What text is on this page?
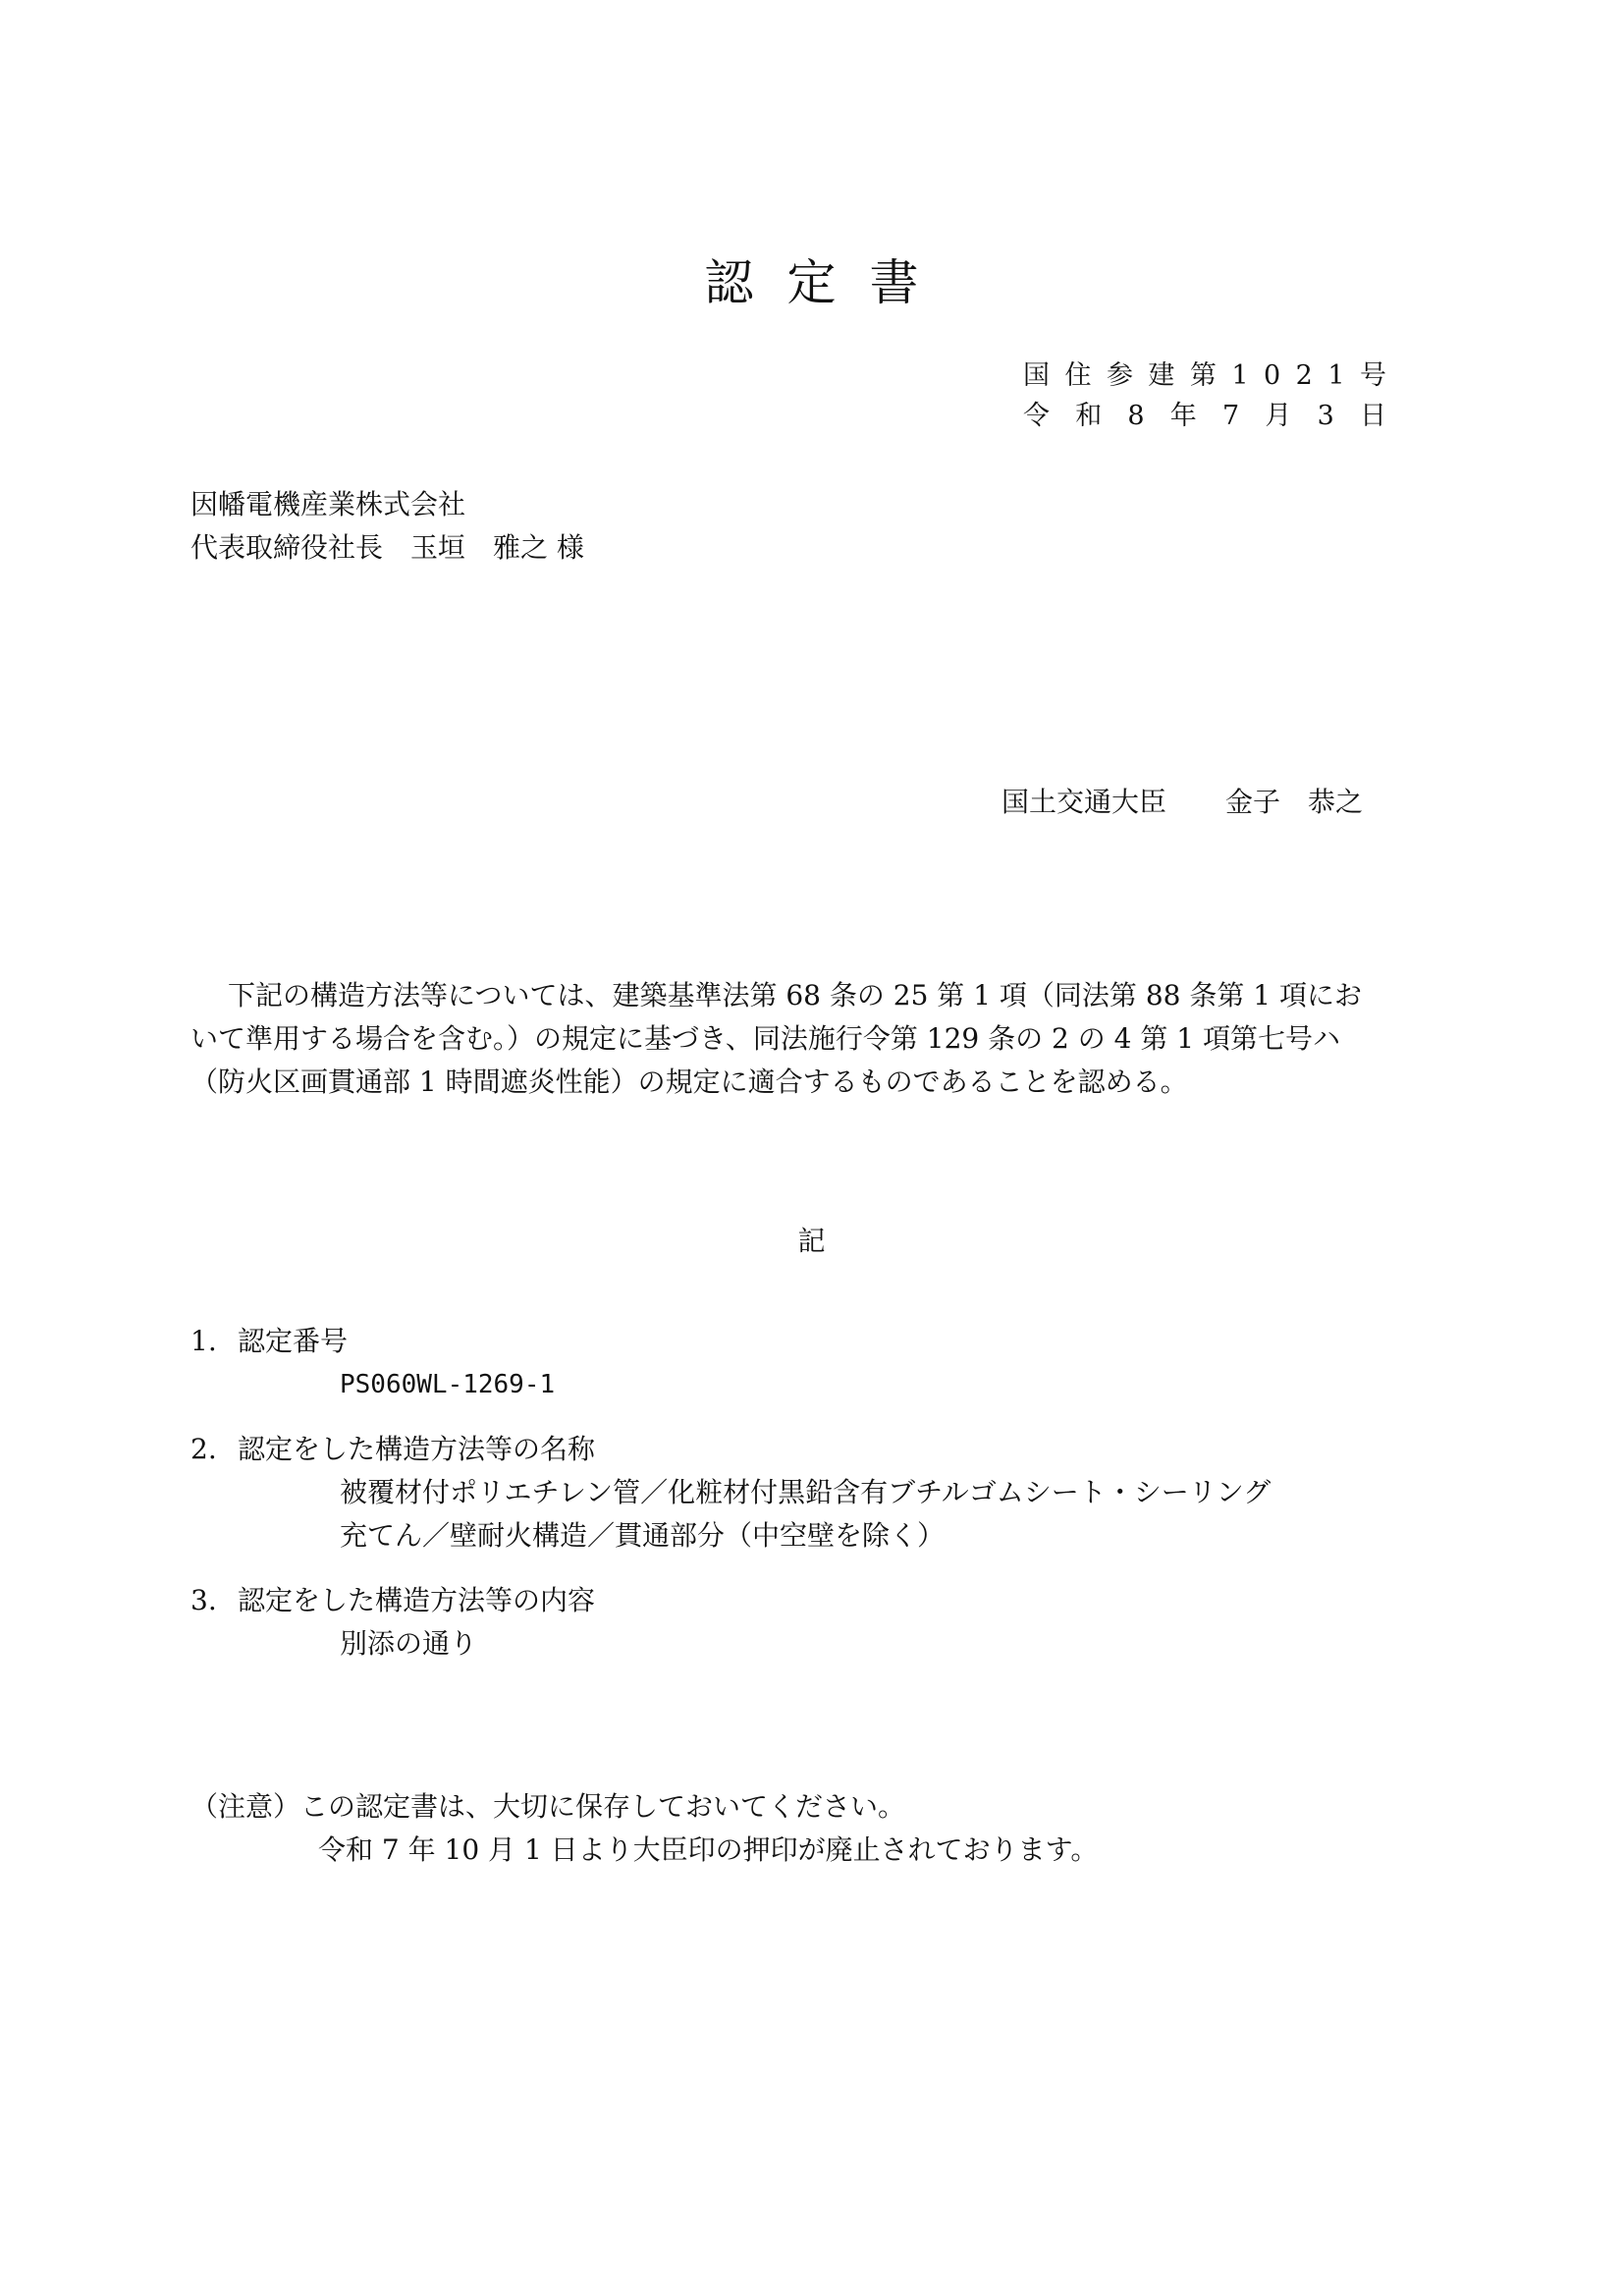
認定書
国 住 参 建 第 1 0 2 1 号
令 和 8 年 7 月 3 日
因幡電機産業株式会社
代表取締役社長　玉垣　雅之 様
国土交通大臣 金子　恭之
下記の構造方法等については、建築基準法第 68 条の 25 第 1 項（同法第 88 条第 1 項にお
いて準用する場合を含む。）の規定に基づき、同法施行令第 129 条の 2 の 4 第 1 項第七号ハ
（防火区画貫通部 1 時間遮炎性能）の規定に適合するものであることを認める。
記
1. 認定番号
PS060WL-1269-1
2. 認定をした構造方法等の名称
被覆材付ポリエチレン管／化粧材付黒鉛含有ブチルゴムシート・シーリング
充てん／壁耐火構造／貫通部分（中空壁を除く）
3. 認定をした構造方法等の内容
別添の通り
（注意）この認定書は、大切に保存しておいてください。
令和 7 年 10 月 1 日より大臣印の押印が廃止されております。
